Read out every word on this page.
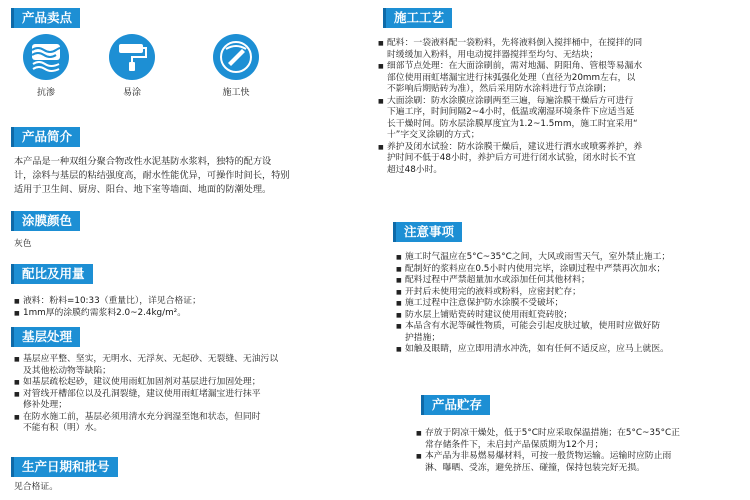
产品卖点
抗渗	易涂	施工快
产品简介
本产品是一种双组分聚合物改性水泥基防水浆料，独特的配方设
计，涂料与基层的粘结强度高，耐水性能优异，可操作时间长，特别
适用于卫生间、厨房、阳台、地下室等墙面、地面的防潮处理。
涂膜颜色
灰色
配比及用量
■ 液料：粉料=10:33（重量比），详见合格证；
■ 1mm厚的涂膜约需浆料2.0~2.4kg/m²。
基层处理
■ 基层应平整、坚实，无明水、无浮灰、无起砂、无裂缝、无油污以
及其他松动物等缺陷；
■ 如基层疏松起砂，建议使用雨虹加固剂对基层进行加固处理；
■ 对管线开槽部位以及孔洞裂缝，建议使用雨虹堵漏宝进行抹平
修补处理；
■ 在防水施工前，基层必须用清水充分润湿至饱和状态，但同时
不能有积（明）水。
生产日期和批号
见合格证。
施工工艺
■ 配料：一袋液料配一袋粉料，先将液料倒入搅拌桶中，在搅拌的同
时缓缓加入粉料，用电动搅拌器搅拌至均匀、无结块；
■ 细部节点处理：在大面涂刷前，需对地漏、阴阳角、管根等易漏水
部位使用雨虹堵漏宝进行抹弧强化处理（直径为20mm左右，以
不影响后期贴砖为准），然后采用防水涂料进行节点涂刷；
■ 大面涂刷：防水涂膜应涂刷两至三遍，每遍涂膜干燥后方可进行
下遍工序，时间间隔2~4小时，低温或潮湿环境条件下应适当延
长干燥时间。防水层涂膜厚度宜为1.2~1.5mm，施工时宜采用“
十”字交叉涂刷的方式；
■ 养护及闭水试验：防水涂膜干燥后，建议进行洒水或喷雾养护，养
护时间不低于48小时，养护后方可进行闭水试验，闭水时长不宜
超过48小时。
注意事项
■ 施工时气温应在5°C~35°C之间，大风或雨雪天气，室外禁止施工；
■ 配制好的浆料应在0.5小时内使用完毕，涂刷过程中严禁再次加水；
■ 配料过程中严禁超量加水或添加任何其他材料；
■ 开封后未使用完的液料或粉料，应密封贮存；
■ 施工过程中注意保护防水涂膜不受破坏；
■ 防水层上铺贴瓷砖时建议使用雨虹瓷砖胶；
■ 本品含有水泥等碱性物质，可能会引起皮肤过敏，使用时应做好防
护措施；
■ 如触及眼睛，应立即用清水冲洗，如有任何不适反应，应马上就医。
产品贮存
■ 存放于阴凉干燥处，低于5°C时应采取保温措施；在5°C~35°C正
常存储条件下，未启封产品保质期为12个月；
■ 本产品为非易燃易爆材料，可按一般货物运输。运输时应防止雨
淋、曝晒、受冻，避免挤压、碰撞，保持包装完好无损。
